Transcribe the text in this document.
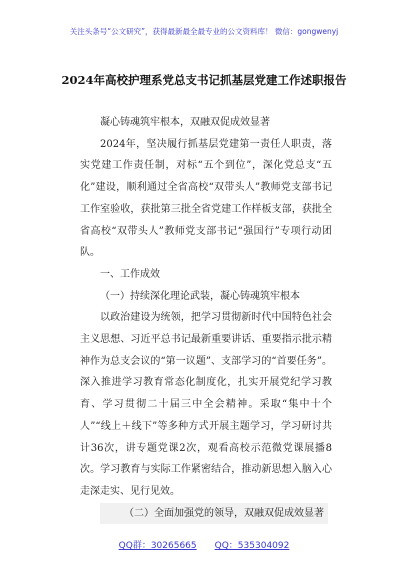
关注头条号“公文研究”，获得最新最全最专业的公文资料库！ 微信：gongwenyj
2024年高校护理系党总支书记抓基层党建工作述职报告

凝心铸魂筑牢根本，双融双促成效显著

2024年，坚决履行抓基层党建第一责任人职责，落实党建工作责任制，对标“五个到位”，深化党总支“五化”建设，顺利通过全省高校“双带头人”教师党支部书记工作室验收，获批第三批全省党建工作样板支部，获批全省高校“双带头人”教师党支部书记“强国行”专项行动团队。

一、工作成效

（一）持续深化理论武装，凝心铸魂筑牢根本

以政治建设为统领，把学习贯彻新时代中国特色社会主义思想、习近平总书记最新重要讲话、重要指示批示精神作为总支会议的“第一议题”、支部学习的“首要任务”。深入推进学习教育常态化制度化，扎实开展党纪学习教育、学习贯彻二十届三中全会精神。采取“集中十个人”“线上＋线下”等多种方式开展主题学习，学习研讨共计36次，讲专题党课2次，观看高校示范微党课展播8次。学习教育与实际工作紧密结合，推动新思想入脑入心走深走实、见行见效。

（二）全面加强党的领导，双融双促成效显著

QQ群：30265665 QQ：535304092
